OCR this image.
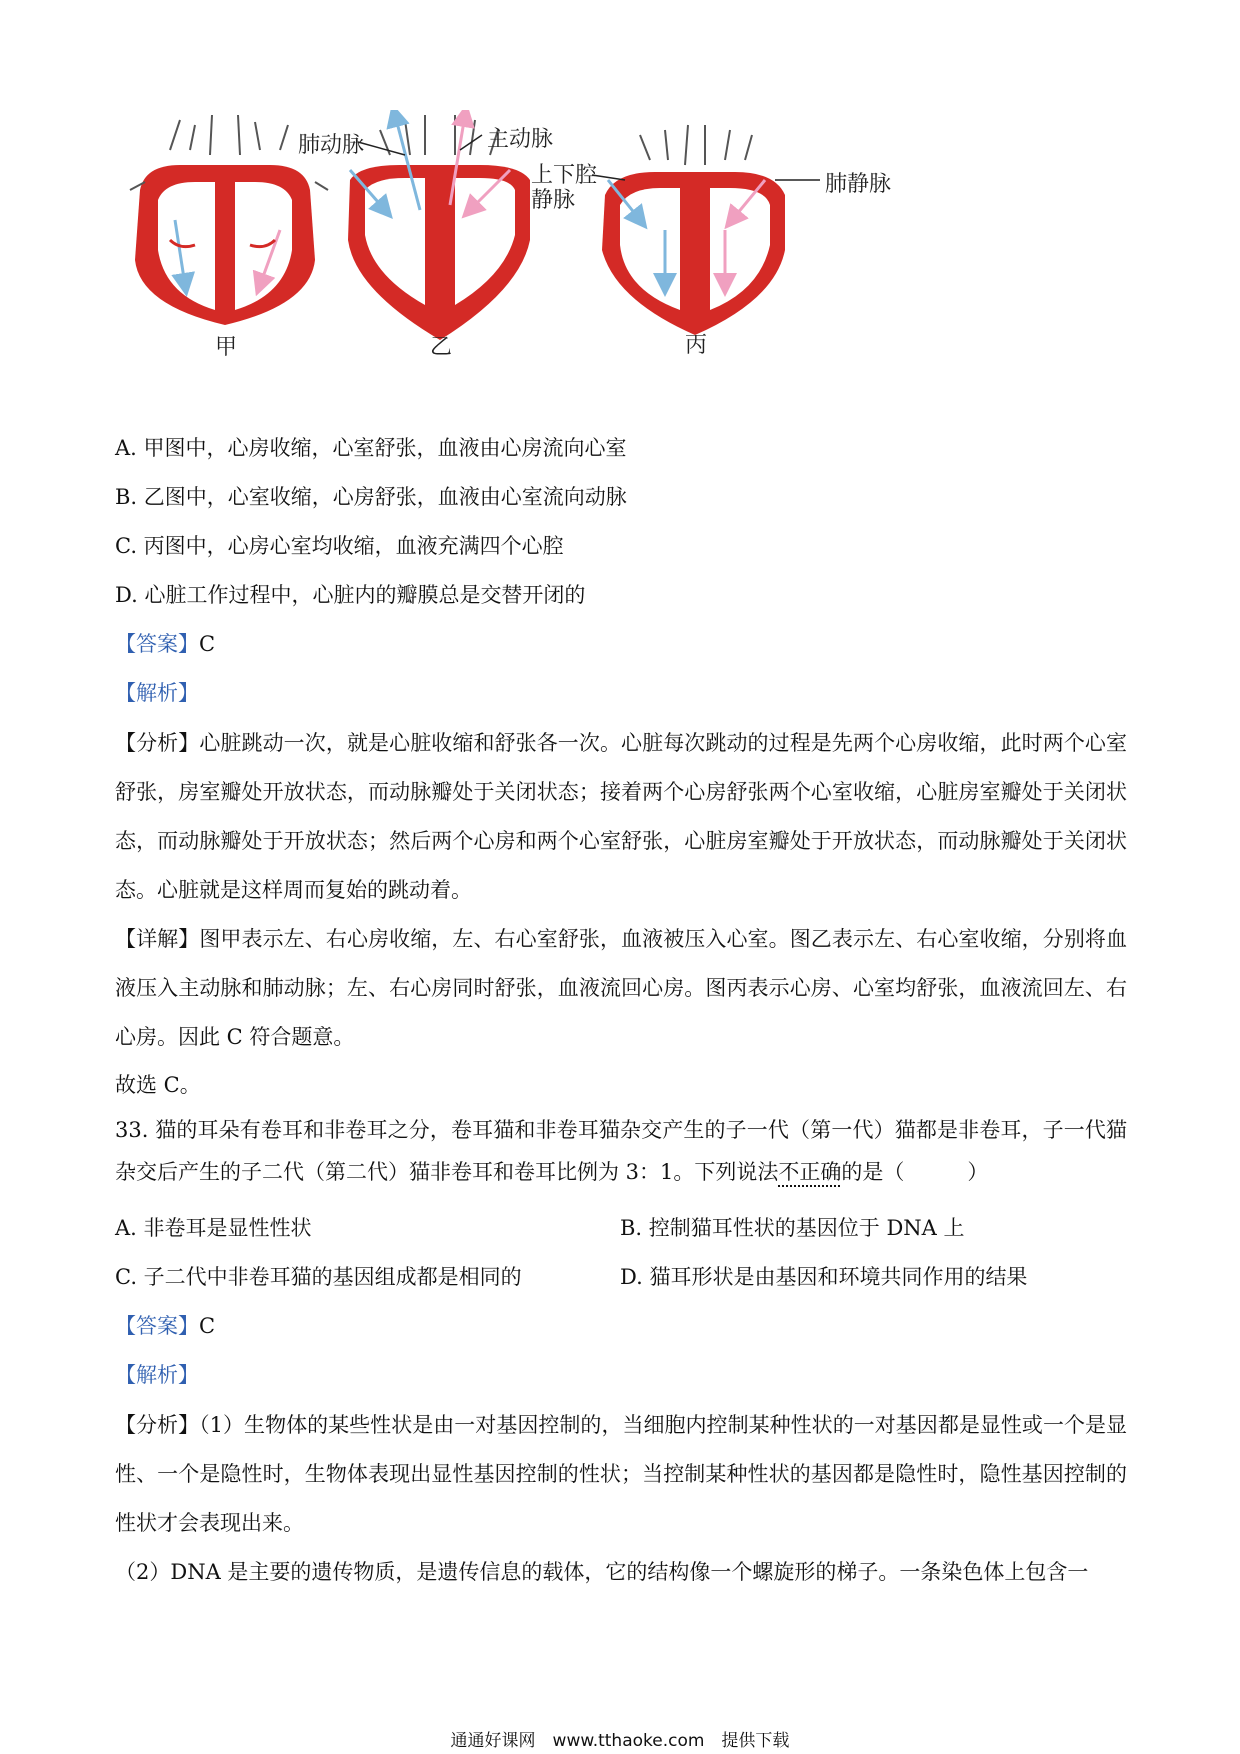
肺动脉	主动脉
上下腔
静脉
肺静脉
甲	乙	丙
A. 甲图中，心房收缩，心室舒张，血液由心房流向心室
B. 乙图中，心室收缩，心房舒张，血液由心室流向动脉
C. 丙图中，心房心室均收缩，血液充满四个心腔
D. 心脏工作过程中，心脏内的瓣膜总是交替开闭的
【答案】C
【解析】

【分析】心脏跳动一次，就是心脏收缩和舒张各一次。心脏每次跳动的过程是先两个心房收缩，此时两个心室舒张，房室瓣处开放状态，而动脉瓣处于关闭状态；接着两个心房舒张两个心室收缩，心脏房室瓣处于关闭状态，而动脉瓣处于开放状态；然后两个心房和两个心室舒张，心脏房室瓣处于开放状态，而动脉瓣处于关闭状态。心脏就是这样周而复始的跳动着。

【详解】图甲表示左、右心房收缩，左、右心室舒张，血液被压入心室。图乙表示左、右心室收缩，分别将血液压入主动脉和肺动脉；左、右心房同时舒张，血液流回心房。图丙表示心房、心室均舒张，血液流回左、右心房。因此 C 符合题意。

故选 C。

33. 猫的耳朵有卷耳和非卷耳之分，卷耳猫和非卷耳猫杂交产生的子一代（第一代）猫都是非卷耳，子一代猫杂交后产生的子二代（第二代）猫非卷耳和卷耳比例为 3：1。下列说法不正确的是（　　　）

A. 非卷耳是显性性状	B. 控制猫耳性状的基因位于 DNA 上
C. 子二代中非卷耳猫的基因组成都是相同的	D. 猫耳形状是由基因和环境共同作用的结果
【答案】C
【解析】

【分析】（1）生物体的某些性状是由一对基因控制的，当细胞内控制某种性状的一对基因都是显性或一个是显性、一个是隐性时，生物体表现出显性基因控制的性状；当控制某种性状的基因都是隐性时，隐性基因控制的性状才会表现出来。

（2）DNA 是主要的遗传物质，是遗传信息的载体，它的结构像一个螺旋形的梯子。一条染色体上包含一

通通好课网　www.tthaoke.com　提供下载
